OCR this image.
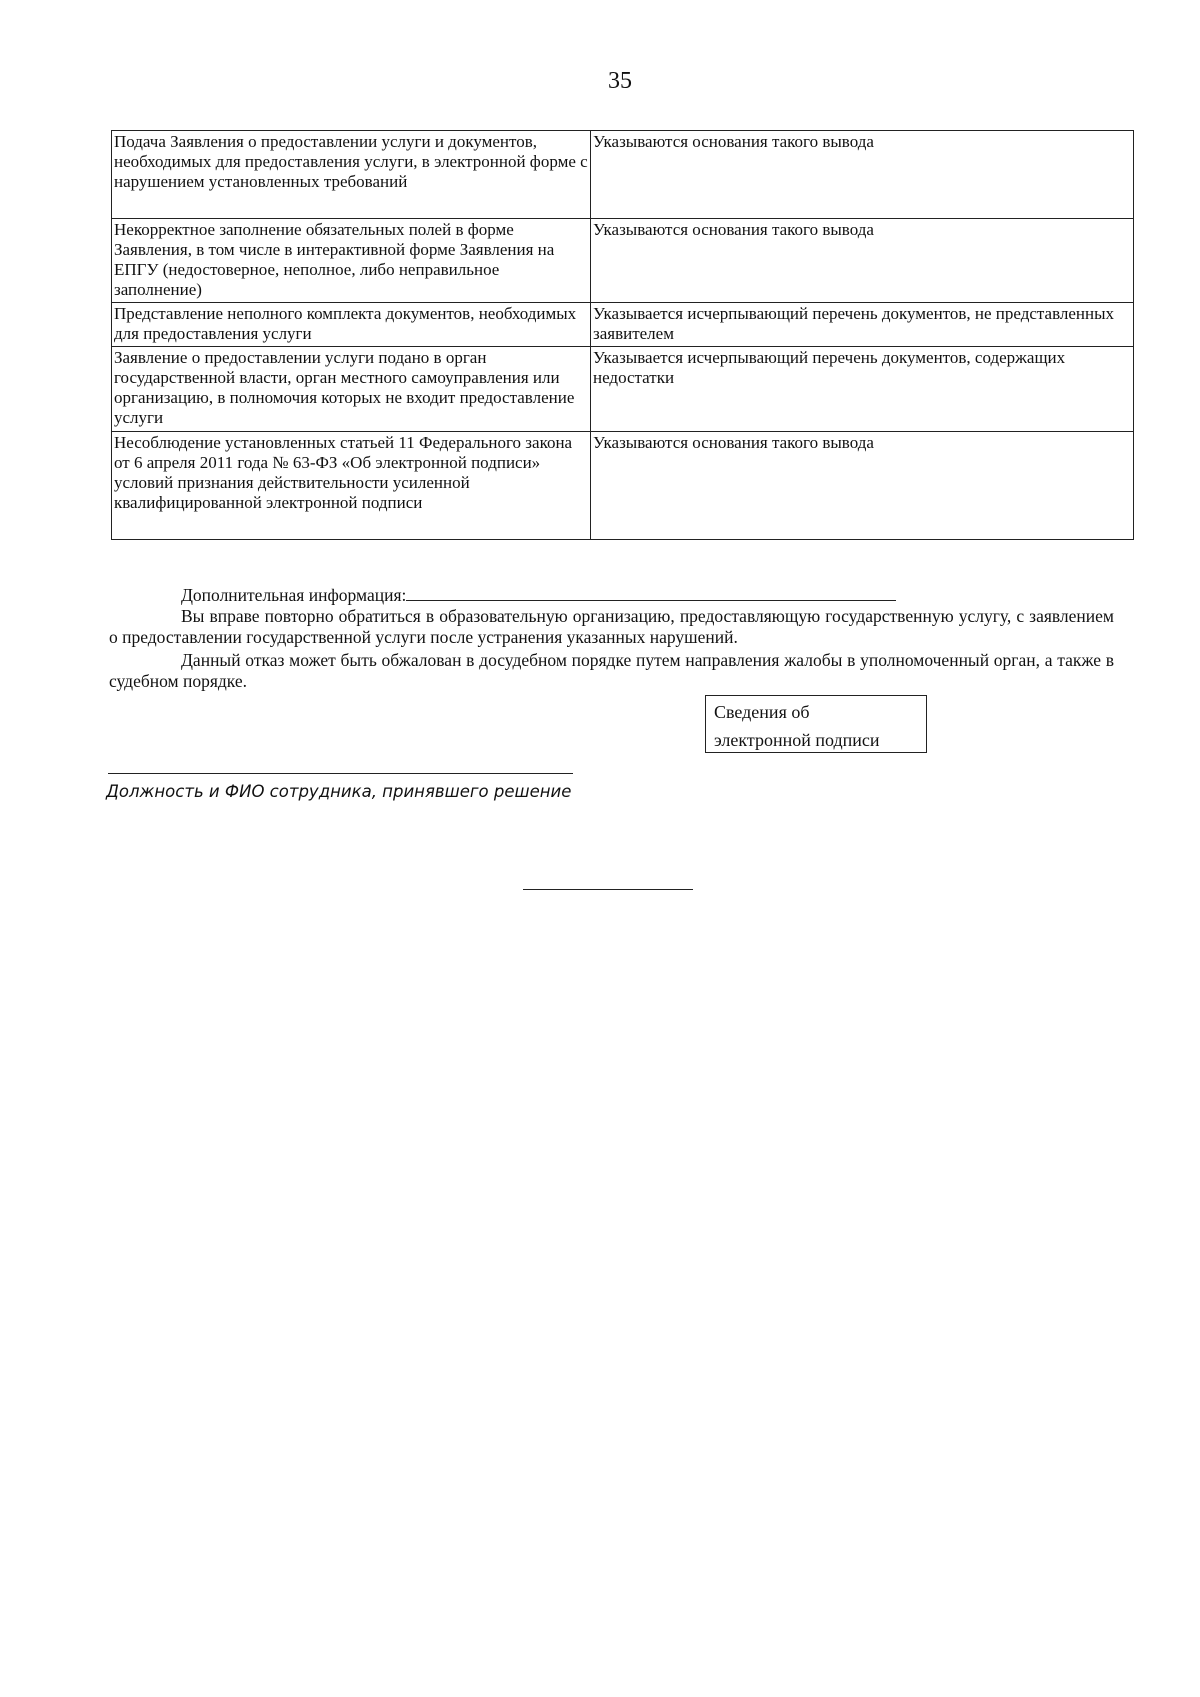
35
Подача Заявления о предоставлении услуги и документов, необходимых для предоставления услуги, в электронной форме с нарушением установленных требований	Указываются основания такого вывода
Некорректное заполнение обязательных полей в форме Заявления, в том числе в интерактивной форме Заявления на ЕПГУ (недостоверное, неполное, либо неправильное заполнение)	Указываются основания такого вывода
Представление неполного комплекта документов, необходимых для предоставления услуги	Указывается исчерпывающий перечень документов, не представленных заявителем
Заявление о предоставлении услуги подано в орган государственной власти, орган местного самоуправления или организацию, в полномочия которых не входит предоставление услуги	Указывается исчерпывающий перечень документов, содержащих недостатки
Несоблюдение установленных статьей 11 Федерального закона от 6 апреля 2011 года № 63-ФЗ «Об электронной подписи» условий признания действительности усиленной квалифицированной электронной подписи	Указываются основания такого вывода
Дополнительная информация:
Вы вправе повторно обратиться в образовательную организацию, предоставляющую государственную услугу, с заявлением о предоставлении государственной услуги после устранения указанных нарушений.
Данный отказ может быть обжалован в досудебном порядке путем направления жалобы в уполномоченный орган, а также в судебном порядке.
Сведения об
электронной подписи
Должность и ФИО сотрудника, принявшего решение
